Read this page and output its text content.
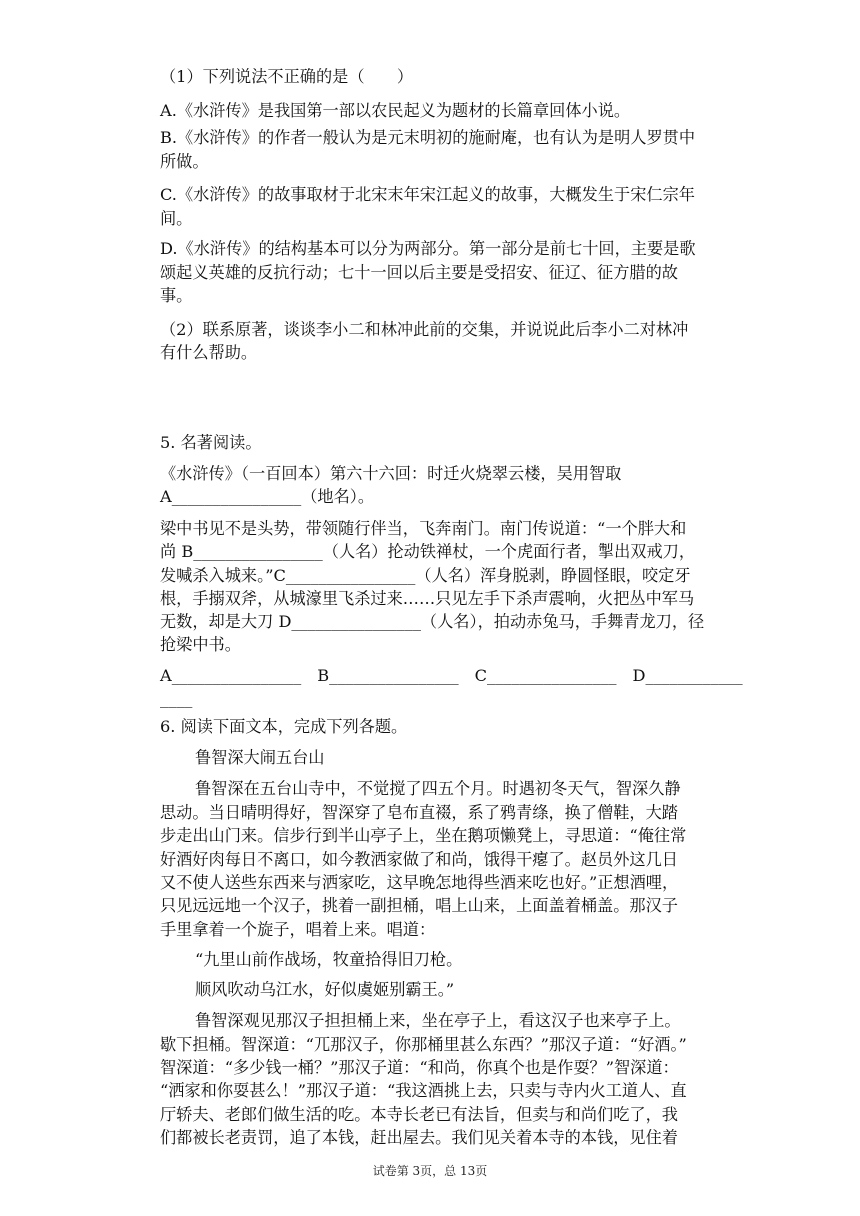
（1）下列说法不正确的是（　　）

A.《水浒传》是我国第一部以农民起义为题材的长篇章回体小说。

B.《水浒传》的作者一般认为是元末明初的施耐庵，也有认为是明人罗贯中

所做。

C.《水浒传》的故事取材于北宋末年宋江起义的故事，大概发生于宋仁宗年

间。

D.《水浒传》的结构基本可以分为两部分。第一部分是前七十回，主要是歌

颂起义英雄的反抗行动；七十一回以后主要是受招安、征辽、征方腊的故

事。

（2）联系原著，谈谈李小二和林冲此前的交集，并说说此后李小二对林冲

有什么帮助。

5. 名著阅读。

《水浒传》（一百回本）第六十六回：时迁火烧翠云楼，吴用智取

A________________（地名）。

梁中书见不是头势，带领随行伴当，飞奔南门。南门传说道：“一个胖大和

尚 B________________（人名）抡动铁禅杖，一个虎面行者，掣出双戒刀，

发喊杀入城来。”C________________（人名）浑身脱剥，睁圆怪眼，咬定牙

根，手搦双斧，从城濠里飞杀过来……只见左手下杀声震响，火把丛中军马

无数，却是大刀 D________________（人名），拍动赤兔马，手舞青龙刀，径

抢梁中书。

A________________ B________________ C________________ D____________

____

6. 阅读下面文本，完成下列各题。

鲁智深大闹五台山

鲁智深在五台山寺中，不觉搅了四五个月。时遇初冬天气，智深久静

思动。当日晴明得好，智深穿了皂布直裰，系了鸦青绦，换了僧鞋，大踏

步走出山门来。信步行到半山亭子上，坐在鹅项懒凳上，寻思道：“俺往常

好酒好肉每日不离口，如今教洒家做了和尚，饿得干瘪了。赵员外这几日

又不使人送些东西来与洒家吃，这早晚怎地得些酒来吃也好。”正想酒哩，

只见远远地一个汉子，挑着一副担桶，唱上山来，上面盖着桶盖。那汉子

手里拿着一个旋子，唱着上来。唱道：

“九里山前作战场，牧童拾得旧刀枪。

顺风吹动乌江水，好似虞姬别霸王。”

鲁智深观见那汉子担担桶上来，坐在亭子上，看这汉子也来亭子上。

歇下担桶。智深道：“兀那汉子，你那桶里甚么东西？”那汉子道：“好酒。”

智深道：“多少钱一桶？”那汉子道：“和尚，你真个也是作耍？”智深道：

“洒家和你耍甚么！”那汉子道：“我这酒挑上去，只卖与寺内火工道人、直

厅轿夫、老郎们做生活的吃。本寺长老已有法旨，但卖与和尚们吃了，我

们都被长老责罚，追了本钱，赶出屋去。我们见关着本寺的本钱，见住着

试卷第 3页，总 13页
